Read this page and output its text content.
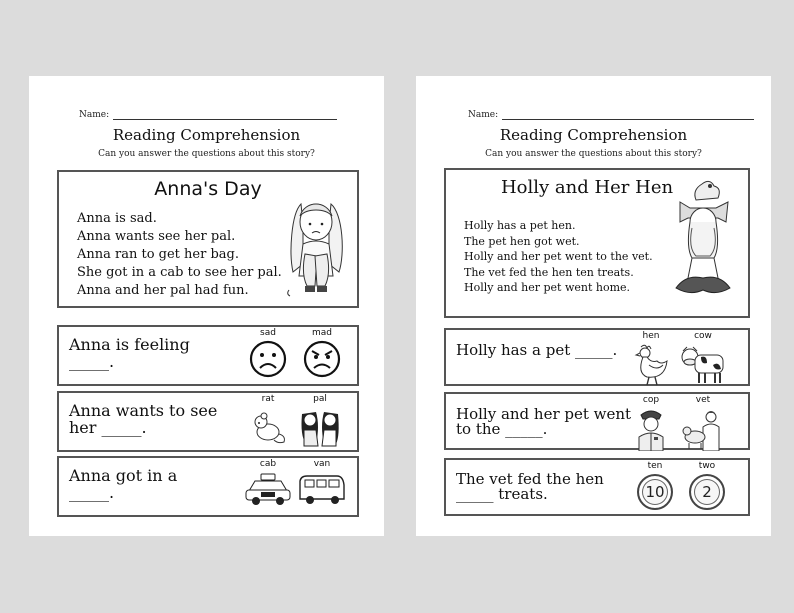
Name:
Reading Comprehension
Can you answer the questions about this story?
Anna's Day
Anna is sad.
Anna wants see her pal.
Anna ran to get her bag.
She got in a cab to see her pal.
Anna and her pal had fun.
Anna is feeling _____.
sad	mad
Anna wants to see her _____.
rat	pal
Anna got in a _____.
cab	van
Name:
Reading Comprehension
Can you answer the questions about this story?
Holly and Her Hen
Holly has a pet hen.
The pet hen got wet.
Holly and her pet went to the vet.
The vet fed the hen ten treats.
Holly and her pet went home.
Holly has a pet _____.
hen	cow
Holly and her pet went to the _____.
cop	vet
The vet fed the hen _____ treats.
ten
10
two
2
